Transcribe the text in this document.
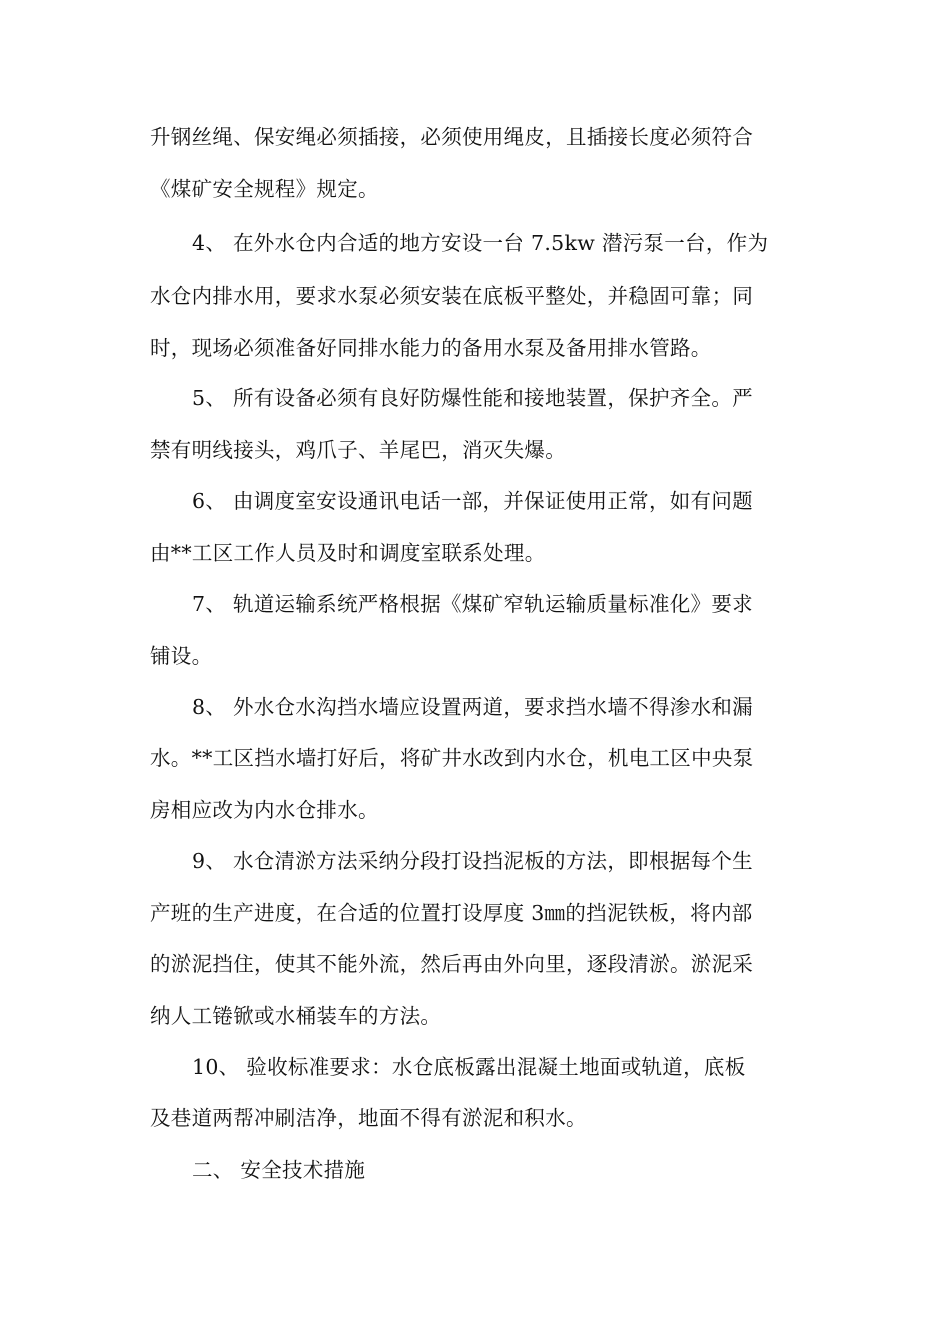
升钢丝绳、保安绳必须插接，必须使用绳皮，且插接长度必须符合
《煤矿安全规程》规定。
4、 在外水仓内合适的地方安设一台 7.5kw 潜污泵一台，作为
水仓内排水用，要求水泵必须安装在底板平整处，并稳固可靠；同
时，现场必须准备好同排水能力的备用水泵及备用排水管路。
5、 所有设备必须有良好防爆性能和接地装置，保护齐全。严
禁有明线接头，鸡爪子、羊尾巴，消灭失爆。
6、 由调度室安设通讯电话一部，并保证使用正常，如有问题
由**工区工作人员及时和调度室联系处理。
7、 轨道运输系统严格根据《煤矿窄轨运输质量标准化》要求
铺设。
8、 外水仓水沟挡水墙应设置两道，要求挡水墙不得渗水和漏
水。**工区挡水墙打好后，将矿井水改到内水仓，机电工区中央泵
房相应改为内水仓排水。
9、 水仓清淤方法采纳分段打设挡泥板的方法，即根据每个生
产班的生产进度，在合适的位置打设厚度 3㎜的挡泥铁板，将内部
的淤泥挡住，使其不能外流，然后再由外向里，逐段清淤。淤泥采
纳人工锩锨或水桶装车的方法。
10、 验收标准要求：水仓底板露出混凝土地面或轨道，底板
及巷道两帮冲刷洁净，地面不得有淤泥和积水。
二、 安全技术措施
